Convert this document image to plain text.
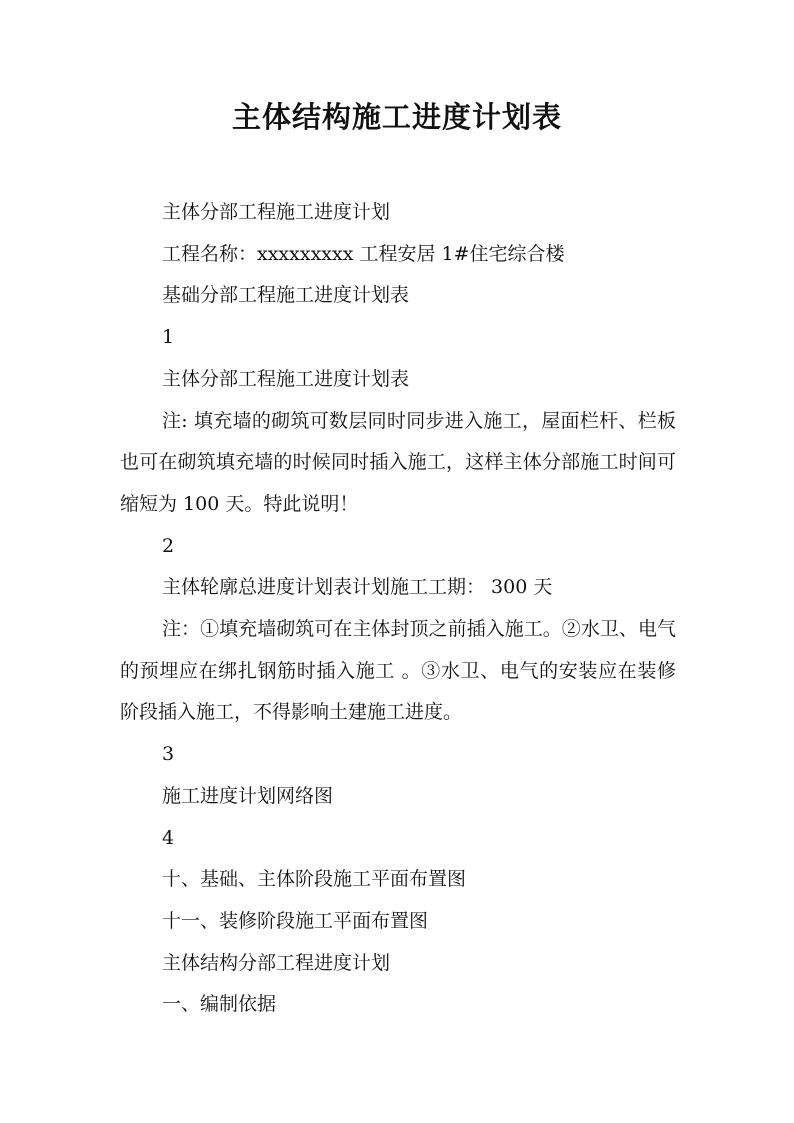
主体结构施工进度计划表

主体分部工程施工进度计划

工程名称：xxxxxxxxx 工程安居 1#住宅综合楼

基础分部工程施工进度计划表

1

主体分部工程施工进度计划表

注: 填充墙的砌筑可数层同时同步进入施工，屋面栏杆、栏板也可在砌筑填充墙的时候同时插入施工，这样主体分部施工时间可缩短为 100 天。特此说明！

2

主体轮廓总进度计划表计划施工工期： 300 天

注：①填充墙砌筑可在主体封顶之前插入施工。②水卫、电气的预埋应在绑扎钢筋时插入施工 。③水卫、电气的安装应在装修阶段插入施工，不得影响土建施工进度。

3

施工进度计划网络图

4

十、基础、主体阶段施工平面布置图

十一、装修阶段施工平面布置图

主体结构分部工程进度计划

一、编制依据
